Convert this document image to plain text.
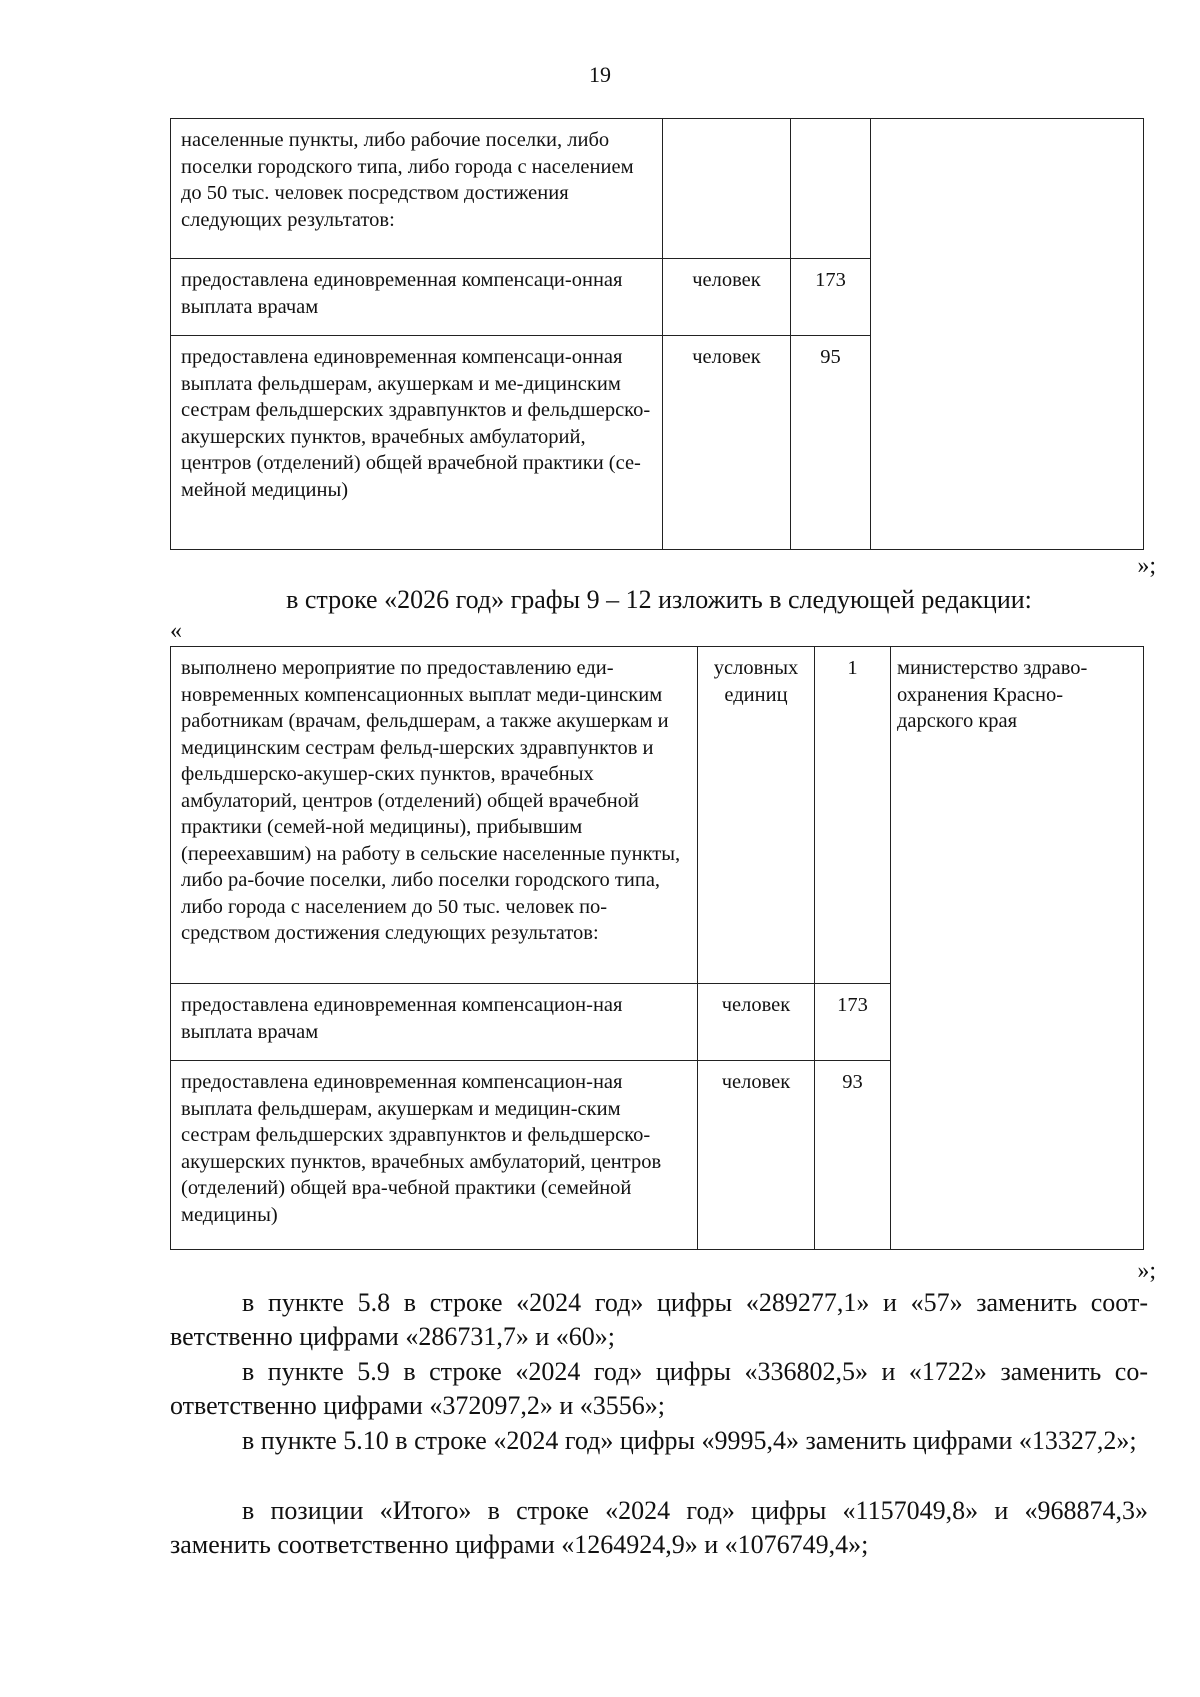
19
населенные пункты, либо рабочие поселки, либо поселки городского типа, либо города с населением до 50 тыс. человек посредством достижения следующих результатов:			
предоставлена единовременная компенсаци-онная выплата врачам	человек	173	
предоставлена единовременная компенсаци-онная выплата фельдшерам, акушеркам и ме-дицинским сестрам фельдшерских здравпунктов и фельдшерско-акушерских пунктов, врачебных амбулаторий, центров (отделений) общей врачебной практики (се-мейной медицины)	человек	95	
»;
в строке «2026 год» графы 9 – 12 изложить в следующей редакции:
«
выполнено мероприятие по предоставлению еди-новременных компенсационных выплат меди-цинским работникам (врачам, фельдшерам, а также акушеркам и медицинским сестрам фельд-шерских здравпунктов и фельдшерско-акушер-ских пунктов, врачебных амбулаторий, центров (отделений) общей врачебной практики (семей-ной медицины), прибывшим (переехавшим) на работу в сельские населенные пункты, либо ра-бочие поселки, либо поселки городского типа, либо города с населением до 50 тыс. человек по-средством достижения следующих результатов:	условных единиц	1	министерство здраво-охранения Красно-дарского края
предоставлена единовременная компенсацион-ная выплата врачам	человек	173	
предоставлена единовременная компенсацион-ная выплата фельдшерам, акушеркам и медицин-ским сестрам фельдшерских здравпунктов и фельдшерско-акушерских пунктов, врачебных амбулаторий, центров (отделений) общей вра-чебной практики (семейной медицины)	человек	93	
»;
в пункте 5.8 в строке «2024 год» цифры «289277,1» и «57» заменить соот-ветственно цифрами «286731,7» и «60»;
в пункте 5.9 в строке «2024 год» цифры «336802,5» и «1722» заменить со-ответственно цифрами «372097,2» и «3556»;
в пункте 5.10 в строке «2024 год» цифры «9995,4» заменить цифрами «13327,2»;
в позиции «Итого» в строке «2024 год» цифры «1157049,8» и «968874,3» заменить соответственно цифрами «1264924,9» и «1076749,4»;
